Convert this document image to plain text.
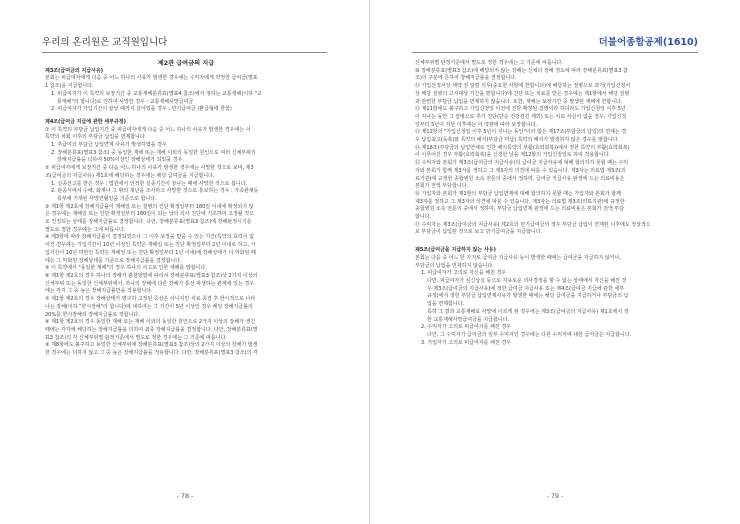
우리의 온리원은 교직원입니다

제2관 급여금의 지급

제3조(급여금의 지급사유)

본회는 피급여자에게 다음 중 어느 하나의 사유가 발생한 경우에는 수익자에게 약정한 급여금(별표

1 참조)을 지급합니다.

1. 피급여자가 이 특약의 보장기간 중 교통재해분류표(별표4 참조)에서 정하는 교통재해(이하 "교

통재해"라 합니다)로 인하여 사망한 경우 : 교통재해사망급여금

2. 피급여자가 가입기간이 끝날 때까지 살아있을 경우 : 만기급여금 (환급형에 한함)

제4조(급여금 지급에 관한 세부규정)

① 이 특약의 부담금 납입기간 중 피급여자에게 다음 중 어느 하나의 사유가 발생한 경우에는 이

특약의 차회 이후의 부담금 납입을 면제합니다.

1. 추급여의 부담금 납입면제 사유가 발생하였을 경우

2. 장해분류표(별표3 참조) 중 동일한 재해 또는 재해 이외의 동일한 원인으로 여러 신체부위의

장해지급률을 더하여 50%이상인 장해상태가 되었을 경우

② 피급여자에게 보장기간 중 다음 어느 하나의 사유가 발생한 경우에는 사망한 것으로 보며, 제3

조(급여금의 지급사유) 제1호에 해당하는 경우에는 해당 급여금을 지급합니다.

1. 실종선고를 받은 경우 : 법원에서 인정한 실종기간이 끝나는 때에 사망한 것으로 봅니다.

2. 관공서에서 수해, 화재나 그 밖의 재난을 조사하고 사망한 것으로 통보하는 경우 : 가족관계등

록부에 기재된 사망연월일을 기준으로 합니다.

③ 제1항 제2호에 장해지급률이 재해일 또는 질병의 진단 확정일부터 180일 이내에 확정되지 않

은 경우에는 재해일 또는 진단 확정일부터 180일이 되는 날의 의사 진단에 기초하여 고정될 것으

로 인정되는 상태를 장해지급률로 결정합니다. 다만, 장해분류표(별표3 참조)에 장해판정시기를

별도로 정한 경우에는 그에 따릅니다.

④ 제3항에 따라 장해지급률이 결정되었으나 그 이후 보장을 받을 수 있는 기간(특약의 효력이 없

어진 경우에는 가입기간이 10년 이상인 특약은 재해일 또는 진단 확정일부터 2년 이내로 하고, 가

입기간이 10년 미만인 특약은 재해일 또는 진단 확정일부터 1년 이내)에 장해상태가 더 악화된 때

에는 그 악화된 장해상태를 기준으로 장해지급률을 결정합니다.

⑤ 이 특약에서 "동일한 재해"의 경우 하나의 사고로 인한 재해를 말합니다.

⑥ 제1항 제2호의 경우 하나의 장해가 관찰방법에 따라서 장해분류표(별표3 참조)상 2가지 이상의

신체부위 또는 동일한 신체부위에서, 하나의 장해에 다른 장해가 통상 파생하는 관계에 있는 경우

에는 각각 그 중 높은 장해지급률만을 적용합니다.

⑦ 제1항 제2호의 경우 장해상태가 영구히 고정된 증상은 아니지만 치료 종결 후 한시적으로 나타

나는 장해(이하 "한시장해"라 합니다)에 대하여는 그 기간이 5년 이상인 경우 해당 장해지급률의

20%를 한시장해의 장해지급률로 정합니다.

⑧ 제1항 제2호의 경우 동일한 재해 또는 재해 이외의 동일한 원인으로 2가지 이상의 장해가 생긴

때에는 각각에 해당하는 장해지급률을 더하여 최종 장해지급률을 결정합니다. 다만, 장해분류표(별

표3 참조)의 각 신체부위별 판정기준에서 별도로 정한 경우에는 그 기준에 따릅니다.

⑨ 제8항에도 불구하고 동일한 신체부위에 장해분류표(별표3 참조)상의 2가지 이상의 장해가 발생

한 경우에는 더하지 않고 그 중 높은 장해지급률을 적용합니다. 다만, 장해분류표(별표3 참조)의 각

- 78 -
더불어종합공제(1610)

신체부위별 판정기준에서 별도로 정한 경우에는 그 기준에 따릅니다.

⑩ 장해분류표(별표3 참조)에 해당되지 않는 장해는 신체의 장해 정도에 따라 장해분류표(별표3 참

조)의 구분에 준하여 장해지급률을 결정합니다.

⑪ 가입산정서상 계약 전 알릴 의무(중요한 사항에 한합니다)에 해당하는 질병으로 과거(가입신청서

상 해당 질병의 고지대상 기간을 말합니다)에 진단 또는 치료를 받은 경우에는 제1항에서 해당 질병

과 관련한 부담금 납입을 면제하지 않습니다. 또한, 재해는 보장기간 중 발생된 재해에 한합니다.

⑫ 제11항에도 불구하고 가입신청일 이전에 진단 확정된 질병이라 하더라도 가입신청일 이후 5년

이 지나는 동안 그 질병으로 추가 진단(단순 건강검진 제외) 또는 치료 사실이 없을 경우, 가입신청

일부터 5년이 지난 이후에는 이 약관에 따라 보장합니다.

⑬ 제12항의 "가입신청일 이후 5년이 지나는 동안"이라 함은 제17조(부담금의 납입)의 면제는 경

우 납입최고(독촉)와 특약의 해지(부담금 미납) 특약의 해지가 발생하지 않은 경우를 말합니다.

⑭ 제18조(부담금의 납입연체로 인한 해지특약의 부활(효력회복))에서 정한 특약의 부활(효력회복)

이 이루어진 경우 부활(효력회복)을 신청한 날을 제12항의 가입신청일로 하여 적용합니다.

⑮ 수익자와 본회가 제3조(급여금의 지급사유)의 급여금 지급사유에 대해 합의하지 못할 때는 수익

자와 본회가 함께 제3자를 정하고 그 제3자의 의견에 따를 수 있습니다. 제3자는 의료법 제3조(의

료기관)에 규정한 종합병원 소속 전문의 중에서 정하며, 급여금 지급사유 판정에 드는 의료비용은

본회가 전액 부담합니다.

⑯ 가입자와 본회가 제1항의 부담금 납입면제에 대해 합의하지 못할 때는 가입자와 본회가 함께

제3자를 정하고 그 제3자의 의견에 따를 수 있습니다. 제3자는 의료법 제3조(의료기관)에 규정한

종합병원 소속 전문의 중에서 정하며, 부담금 납입면제 판정에 드는 의료비용은 본회가 전액 부담

합니다.

⑰ 수익자는 제3조(급여금의 지급사유) 제2호의 만기급여금의 경우 부담금 납입이 면제된 이후에도 정상적으

로 부담금이 납입된 것으로 보고 만기급여금을 지급합니다.

제5조(급여금을 지급하지 않는 사유)

본회는 다음 중 어느 한 가지로 급여금 지급사유 등이 발생한 때에는 급여금을 지급하지 않거나,

부담금의 납입을 면제하지 않습니다.

1. 피급여자가 고의로 자신을 해친 경우

다만, 피급여자가 심신상실 등으로 자유로운 의사결정을 할 수 없는 상태에서 자신을 해친 경

우 제3조(급여금의 지급사유)에 정한 급여금 지급사유 또는 제4조(급여금 지급에 관한 세부

규정)에서 정한 부담금 납입면제사유가 발생한 때에는 해당 급여금을 지급하거나 부담금의 납

입을 면제합니다.

특히 그 결과 교통재해로 사망에 이르게 된 경우에는 제3조(급여금의 지급사유) 제1호에서 정

한 교통재해사망급여금을 지급합니다.

2. 수익자가 고의로 피급여자를 해친 경우

다만, 그 수익자가 급여금의 일부 수익자인 경우에는 다른 수익자에 대한 급여금은 지급합니다.

3. 가입자가 고의로 피급여자를 해친 경우

- 79 -
